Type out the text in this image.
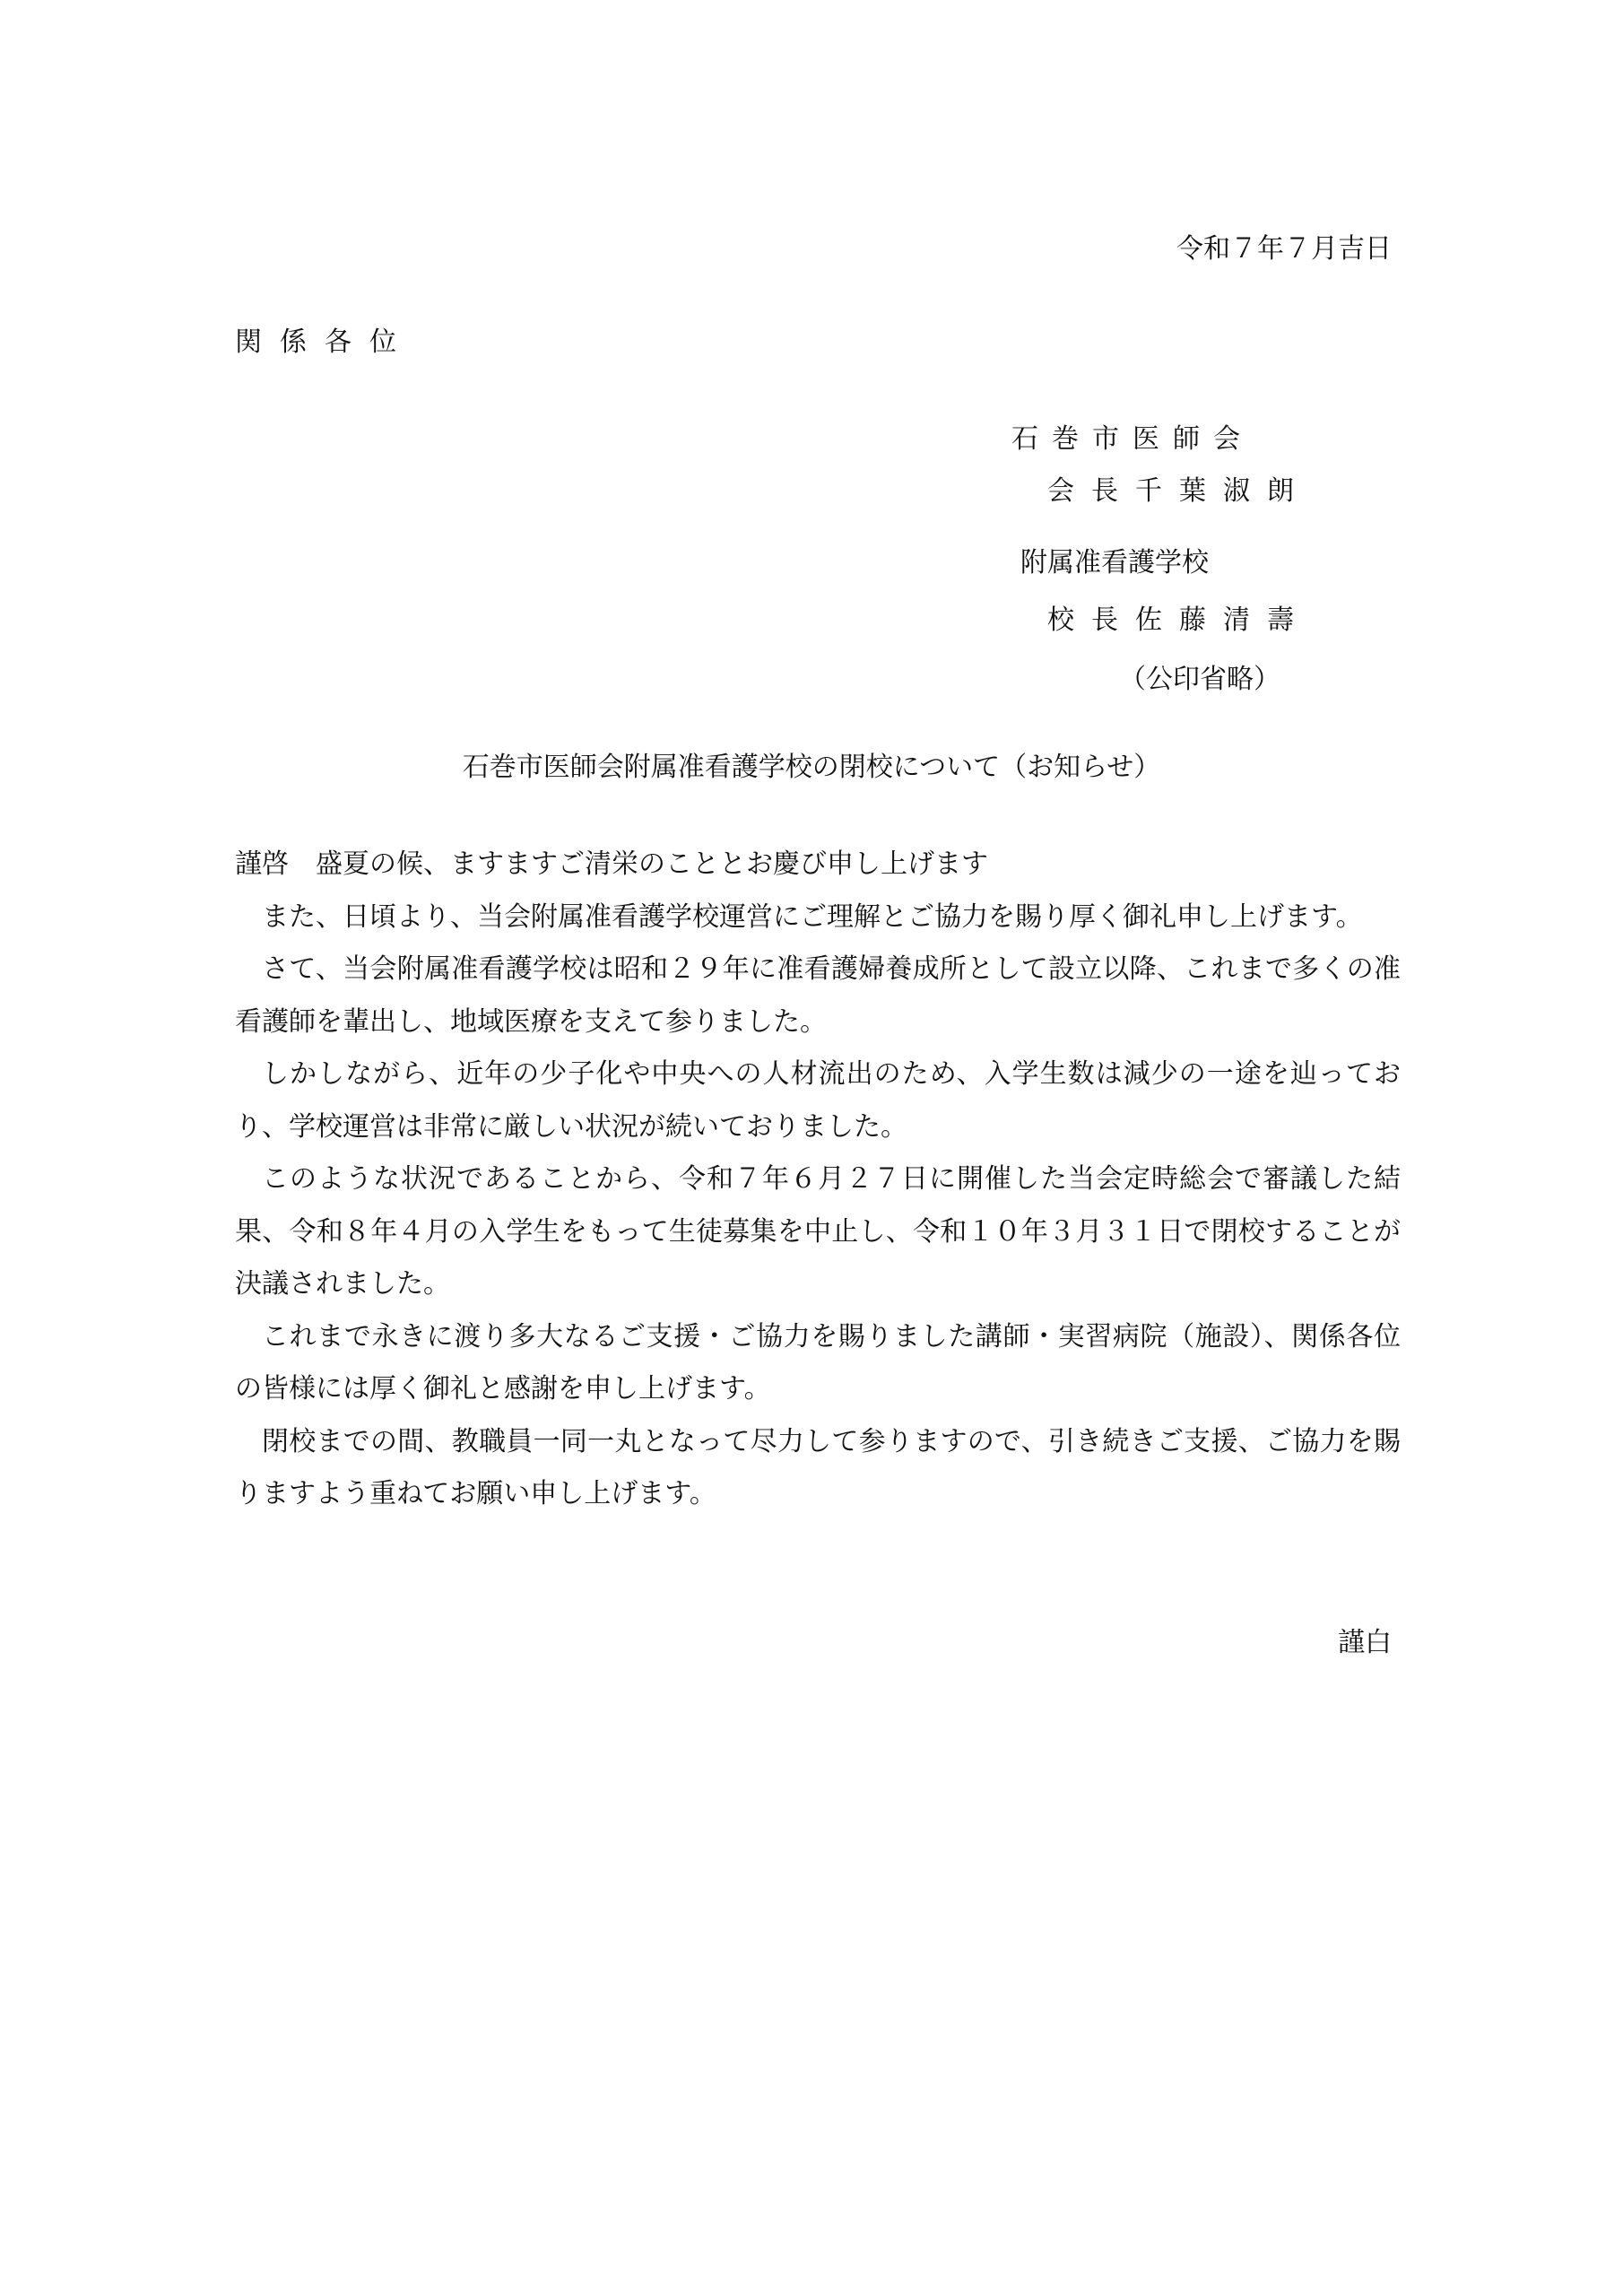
令和７年７月吉日
関係各位
石巻市医師会
会長千葉淑朗
附属准看護学校
校長佐藤清壽
（公印省略）
石巻市医師会附属准看護学校の閉校について（お知らせ）

謹啓　盛夏の候、ますますご清栄のこととお慶び申し上げます

また、日頃より、当会附属准看護学校運営にご理解とご協力を賜り厚く御礼申し上げます。

さて、当会附属准看護学校は昭和２９年に准看護婦養成所として設立以降、これまで多くの准看護師を輩出し、地域医療を支えて参りました。

しかしながら、近年の少子化や中央への人材流出のため、入学生数は減少の一途を辿っており、学校運営は非常に厳しい状況が続いておりました。

このような状況であることから、令和７年６月２７日に開催した当会定時総会で審議した結果、令和８年４月の入学生をもって生徒募集を中止し、令和１０年３月３１日で閉校することが決議されました。

これまで永きに渡り多大なるご支援・ご協力を賜りました講師・実習病院（施設）、関係各位の皆様には厚く御礼と感謝を申し上げます。

閉校までの間、教職員一同一丸となって尽力して参りますので、引き続きご支援、ご協力を賜りますよう重ねてお願い申し上げます。

謹白
